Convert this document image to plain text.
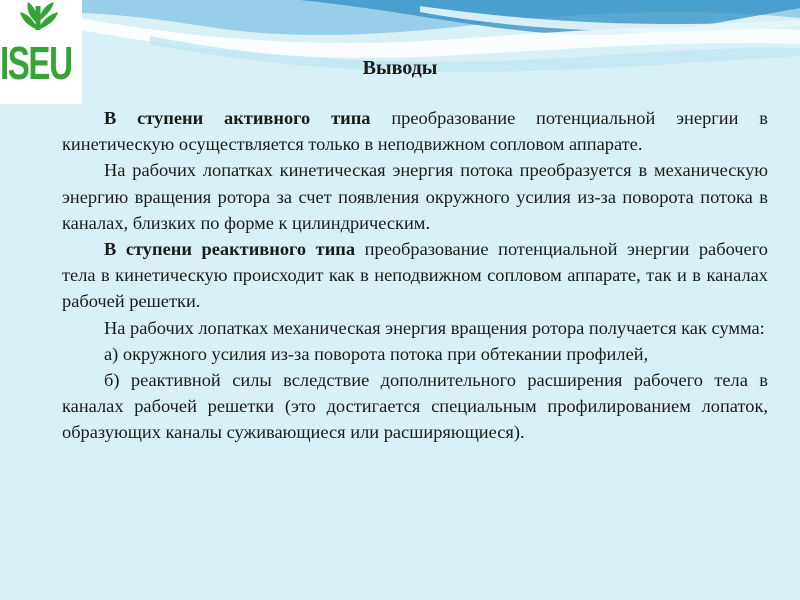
ISEU	Выводы

В ступени активного типа преобразование потенциальной энергии в кинетическую осуществляется только в неподвижном сопловом аппарате.

На рабочих лопатках кинетическая энергия потока преобразуется в механическую энергию вращения ротора за счет появления окружного усилия из-за поворота потока в каналах, близких по форме к цилиндрическим.

В ступени реактивного типа преобразование потенциальной энергии рабочего тела в кинетическую происходит как в неподвижном сопловом аппарате, так и в каналах рабочей решетки.

На рабочих лопатках механическая энергия вращения ротора получается как сумма:

а) окружного усилия из-за поворота потока при обтекании профилей,

б) реактивной силы вследствие дополнительного расширения рабочего тела в каналах рабочей решетки (это достигается специальным профилированием лопаток, образующих каналы суживающиеся или расширяющиеся).
